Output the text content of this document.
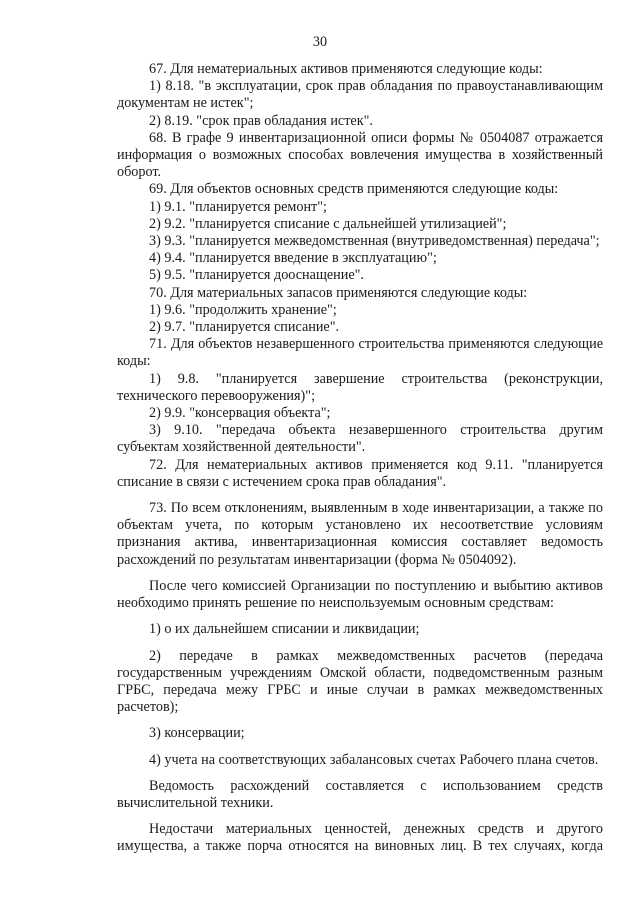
30

67. Для нематериальных активов применяются следующие коды:

1) 8.18. "в эксплуатации, срок прав обладания по правоустанавливающим документам не истек";

2) 8.19. "срок прав обладания истек".

68. В графе 9 инвентаризационной описи формы № 0504087 отражается информация о возможных способах вовлечения имущества в хозяйственный оборот.

69. Для объектов основных средств применяются следующие коды:

1) 9.1. "планируется ремонт";

2) 9.2. "планируется списание с дальнейшей утилизацией";

3) 9.3. "планируется межведомственная (внутриведомственная) передача";

4) 9.4. "планируется введение в эксплуатацию";

5) 9.5. "планируется дооснащение".

70. Для материальных запасов применяются следующие коды:

1) 9.6. "продолжить хранение";

2) 9.7. "планируется списание".

71. Для объектов незавершенного строительства применяются следующие коды:

1) 9.8. "планируется завершение строительства (реконструкции, технического перевооружения)";

2) 9.9. "консервация объекта";

3) 9.10. "передача объекта незавершенного строительства другим субъектам хозяйственной деятельности".

72. Для нематериальных активов применяется код 9.11. "планируется списание в связи с истечением срока прав обладания".

73. По всем отклонениям, выявленным в ходе инвентаризации, а также по объектам учета, по которым установлено их несоответствие условиям признания актива, инвентаризационная комиссия составляет ведомость расхождений по результатам инвентаризации (форма № 0504092).

После чего комиссией Организации по поступлению и выбытию активов необходимо принять решение по неиспользуемым основным средствам:

1) о их дальнейшем списании и ликвидации;

2) передаче в рамках межведомственных расчетов (передача государственным учреждениям Омской области, подведомственным разным ГРБС, передача межу ГРБС и иные случаи в рамках межведомственных расчетов);

3) консервации;

4) учета на соответствующих забалансовых счетах Рабочего плана счетов.

Ведомость расхождений составляется с использованием средств вычислительной техники.

Недостачи материальных ценностей, денежных средств и другого имущества, а также порча относятся на виновных лиц. В тех случаях, когда
